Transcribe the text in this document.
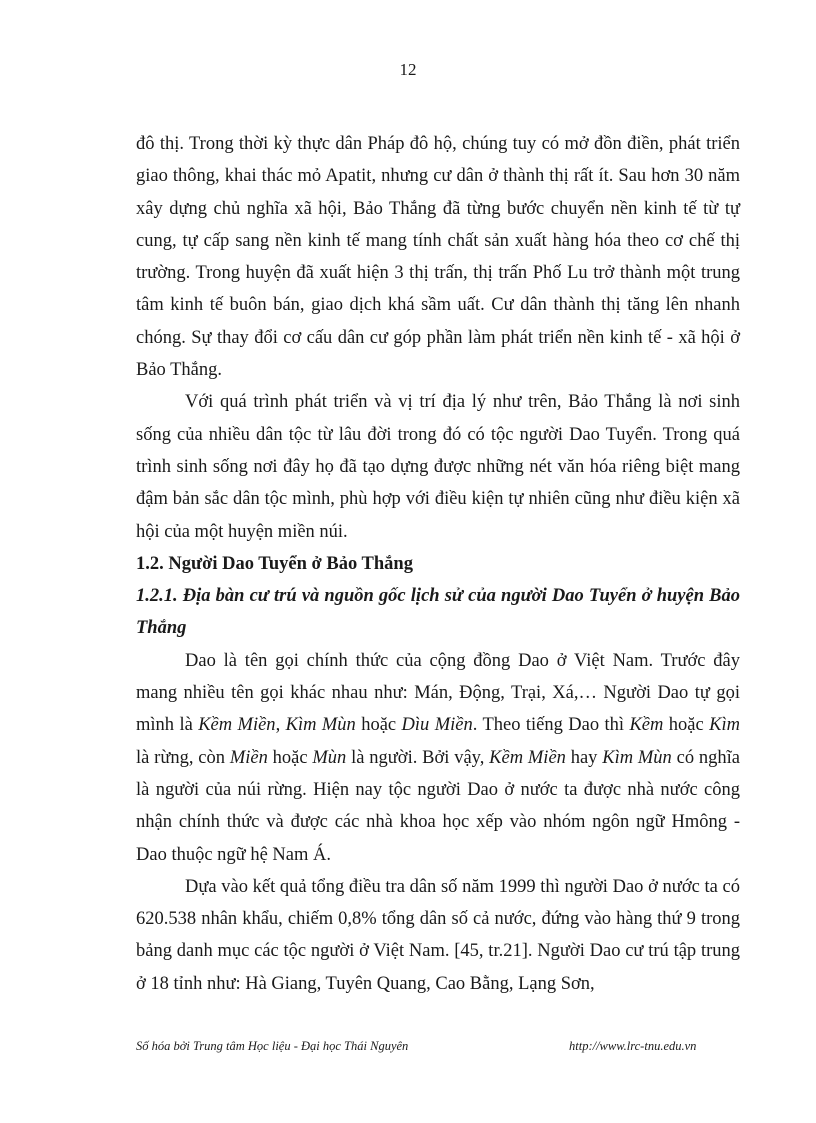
12

đô thị. Trong thời kỳ thực dân Pháp đô hộ, chúng tuy có mở đồn điền, phát triển giao thông, khai thác mỏ Apatit, nhưng cư dân ở thành thị rất ít. Sau hơn 30 năm xây dựng chủ nghĩa xã hội, Bảo Thắng đã từng bước chuyển nền kinh tế từ tự cung, tự cấp sang nền kinh tế mang tính chất sản xuất hàng hóa theo cơ chế thị trường. Trong huyện đã xuất hiện 3 thị trấn, thị trấn Phố Lu trở thành một trung tâm kinh tế buôn bán, giao dịch khá sầm uất. Cư dân thành thị tăng lên nhanh chóng. Sự thay đổi cơ cấu dân cư góp phần làm phát triển nền kinh tế - xã hội ở Bảo Thắng.

Với quá trình phát triển và vị trí địa lý như trên, Bảo Thắng là nơi sinh sống của nhiều dân tộc từ lâu đời trong đó có tộc người Dao Tuyển. Trong quá trình sinh sống nơi đây họ đã tạo dựng được những nét văn hóa riêng biệt mang đậm bản sắc dân tộc mình, phù hợp với điều kiện tự nhiên cũng như điều kiện xã hội của một huyện miền núi.

1.2. Người Dao Tuyển ở Bảo Thắng

1.2.1. Địa bàn cư trú và nguồn gốc lịch sử của người Dao Tuyển ở huyện Bảo Thắng

Dao là tên gọi chính thức của cộng đồng Dao ở Việt Nam. Trước đây mang nhiều tên gọi khác nhau như: Mán, Động, Trại, Xá,… Người Dao tự gọi mình là Kềm Miền, Kìm Mùn hoặc Dìu Miền. Theo tiếng Dao thì Kềm hoặc Kìm là rừng, còn Miền hoặc Mùn là người. Bởi vậy, Kềm Miền hay Kìm Mùn có nghĩa là người của núi rừng. Hiện nay tộc người Dao ở nước ta được nhà nước công nhận chính thức và được các nhà khoa học xếp vào nhóm ngôn ngữ Hmông - Dao thuộc ngữ hệ Nam Á.

Dựa vào kết quả tổng điều tra dân số năm 1999 thì người Dao ở nước ta có 620.538 nhân khẩu, chiếm 0,8% tổng dân số cả nước, đứng vào hàng thứ 9 trong bảng danh mục các tộc người ở Việt Nam. [45, tr.21]. Người Dao cư trú tập trung ở 18 tỉnh như: Hà Giang, Tuyên Quang, Cao Bằng, Lạng Sơn,

Số hóa bởi Trung tâm Học liệu - Đại học Thái Nguyên	http://www.lrc-tnu.edu.vn
